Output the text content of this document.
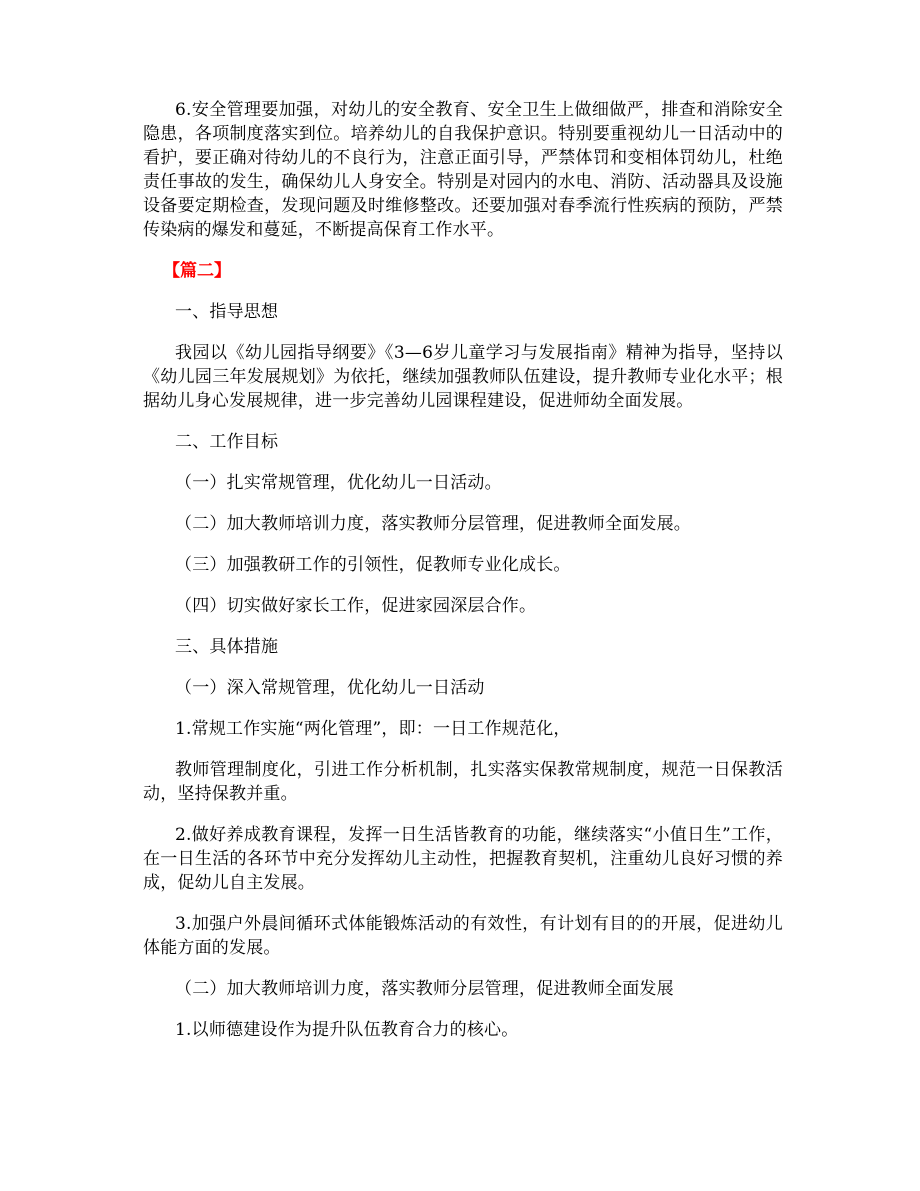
6.安全管理要加强，对幼儿的安全教育、安全卫生上做细做严，排查和消除安全隐患，各项制度落实到位。培养幼儿的自我保护意识。特别要重视幼儿一日活动中的看护，要正确对待幼儿的不良行为，注意正面引导，严禁体罚和变相体罚幼儿，杜绝责任事故的发生，确保幼儿人身安全。特别是对园内的水电、消防、活动器具及设施设备要定期检查，发现问题及时维修整改。还要加强对春季流行性疾病的预防，严禁传染病的爆发和蔓延，不断提高保育工作水平。

【篇二】

一、指导思想

我园以《幼儿园指导纲要》《3—6岁儿童学习与发展指南》精神为指导，坚持以《幼儿园三年发展规划》为依托，继续加强教师队伍建设，提升教师专业化水平；根据幼儿身心发展规律，进一步完善幼儿园课程建设，促进师幼全面发展。

二、工作目标

（一）扎实常规管理，优化幼儿一日活动。

（二）加大教师培训力度，落实教师分层管理，促进教师全面发展。

（三）加强教研工作的引领性，促教师专业化成长。

（四）切实做好家长工作，促进家园深层合作。

三、具体措施

（一）深入常规管理，优化幼儿一日活动

1.常规工作实施“两化管理”，即：一日工作规范化，

教师管理制度化，引进工作分析机制，扎实落实保教常规制度，规范一日保教活动，坚持保教并重。

2.做好养成教育课程，发挥一日生活皆教育的功能，继续落实“小值日生”工作，在一日生活的各环节中充分发挥幼儿主动性，把握教育契机，注重幼儿良好习惯的养成，促幼儿自主发展。

3.加强户外晨间循环式体能锻炼活动的有效性，有计划有目的的开展，促进幼儿体能方面的发展。

（二）加大教师培训力度，落实教师分层管理，促进教师全面发展

1.以师德建设作为提升队伍教育合力的核心。
